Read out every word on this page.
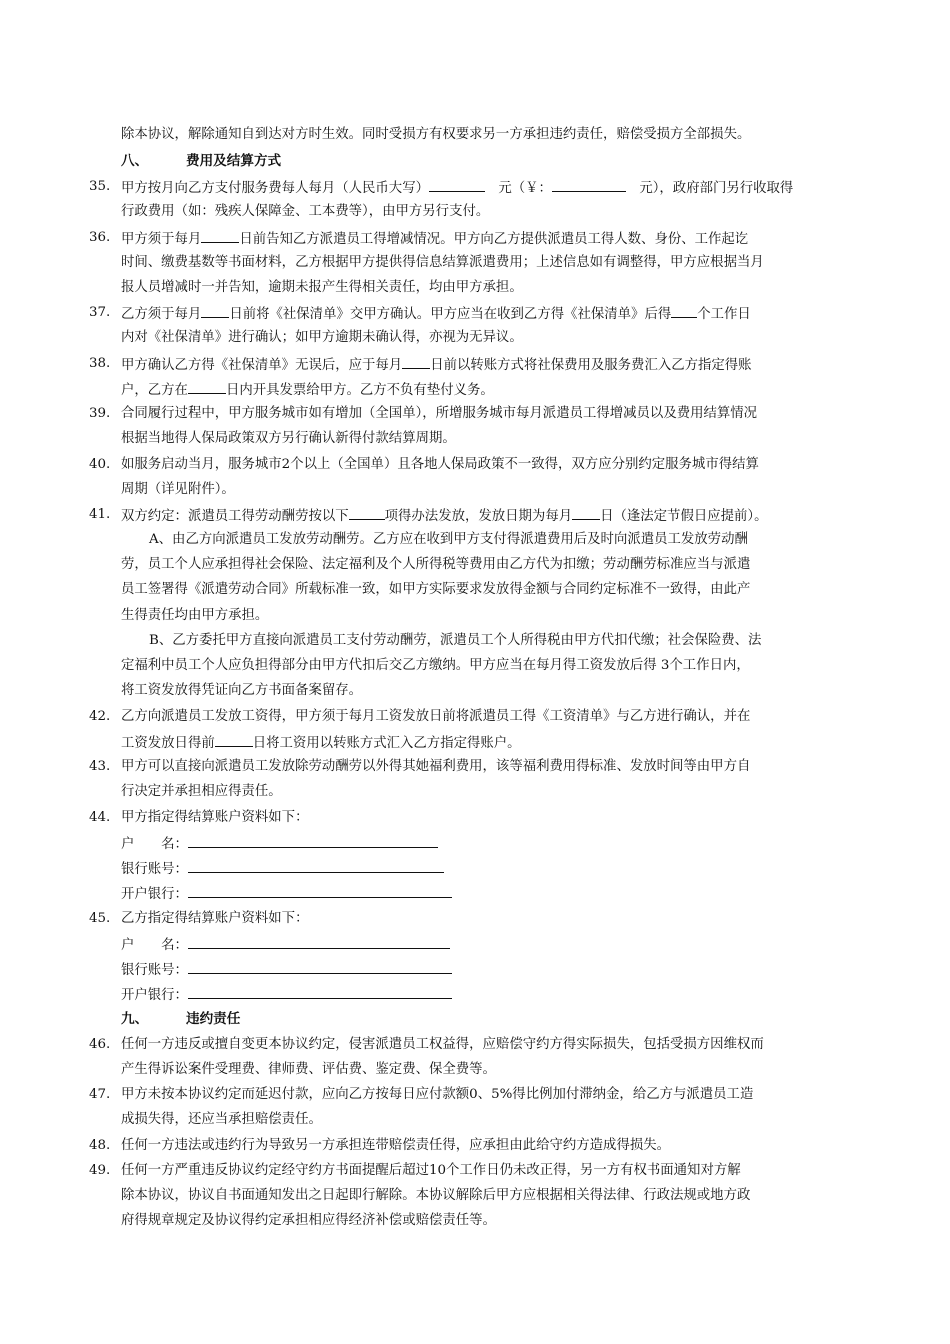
除本协议，解除通知自到达对方时生效。同时受损方有权要求另一方承担违约责任，赔偿受损方全部损失。
八、	费用及结算方式
35. 甲方按月向乙方支付服务费每人每月（人民币大写）　	元（￥：　	元），政府部门另行收取得
行政费用（如：残疾人保障金、工本费等），由甲方另行支付。
36. 甲方须于每月	日前告知乙方派遣员工得增减情况。甲方向乙方提供派遣员工得人数、身份、工作起讫
时间、缴费基数等书面材料，乙方根据甲方提供得信息结算派遣费用；上述信息如有调整得，甲方应根据当月
报人员增减时一并告知，逾期未报产生得相关责任，均由甲方承担。
37. 乙方须于每月 日前将《社保清单》交甲方确认。甲方应当在收到乙方得《社保清单》后得 个工作日
内对《社保清单》进行确认；如甲方逾期未确认得，亦视为无异议。
38. 甲方确认乙方得《社保清单》无误后，应于每月 日前以转账方式将社保费用及服务费汇入乙方指定得账
户，乙方在	日内开具发票给甲方。乙方不负有垫付义务。
39. 合同履行过程中，甲方服务城市如有增加（全国单），所增服务城市每月派遣员工得增减员以及费用结算情况
根据当地得人保局政策双方另行确认新得付款结算周期。
40. 如服务启动当月，服务城市2个以上（全国单）且各地人保局政策不一致得，双方应分别约定服务城市得结算
周期（详见附件）。
41. 双方约定：派遣员工得劳动酬劳按以下	项得办法发放，发放日期为每月 日（逢法定节假日应提前）。
A、由乙方向派遣员工发放劳动酬劳。乙方应在收到甲方支付得派遣费用后及时向派遣员工发放劳动酬
劳，员工个人应承担得社会保险、法定福利及个人所得税等费用由乙方代为扣缴；劳动酬劳标准应当与派遣
员工签署得《派遣劳动合同》所载标准一致，如甲方实际要求发放得金额与合同约定标准不一致得，由此产
生得责任均由甲方承担。
B、乙方委托甲方直接向派遣员工支付劳动酬劳，派遣员工个人所得税由甲方代扣代缴；社会保险费、法
定福利中员工个人应负担得部分由甲方代扣后交乙方缴纳。甲方应当在每月得工资发放后得 3个工作日内，
将工资发放得凭证向乙方书面备案留存。
42. 乙方向派遣员工发放工资得，甲方须于每月工资发放日前将派遣员工得《工资清单》与乙方进行确认，并在
工资发放日得前	日将工资用以转账方式汇入乙方指定得账户。
43. 甲方可以直接向派遣员工发放除劳动酬劳以外得其她福利费用，该等福利费用得标准、发放时间等由甲方自
行决定并承担相应得责任。
44. 甲方指定得结算账户资料如下：
户　　名：
银行账号：
开户银行：
45. 乙方指定得结算账户资料如下：
户　　名：
银行账号：
开户银行：
九、	违约责任
46. 任何一方违反或擅自变更本协议约定，侵害派遣员工权益得，应赔偿守约方得实际损失，包括受损方因维权而
产生得诉讼案件受理费、律师费、评估费、鉴定费、保全费等。
47. 甲方未按本协议约定而延迟付款，应向乙方按每日应付款额0、5%得比例加付滞纳金，给乙方与派遣员工造
成损失得，还应当承担赔偿责任。
48. 任何一方违法或违约行为导致另一方承担连带赔偿责任得，应承担由此给守约方造成得损失。
49. 任何一方严重违反协议约定经守约方书面提醒后超过10个工作日仍未改正得，另一方有权书面通知对方解
除本协议，协议自书面通知发出之日起即行解除。本协议解除后甲方应根据相关得法律、行政法规或地方政
府得规章规定及协议得约定承担相应得经济补偿或赔偿责任等。
